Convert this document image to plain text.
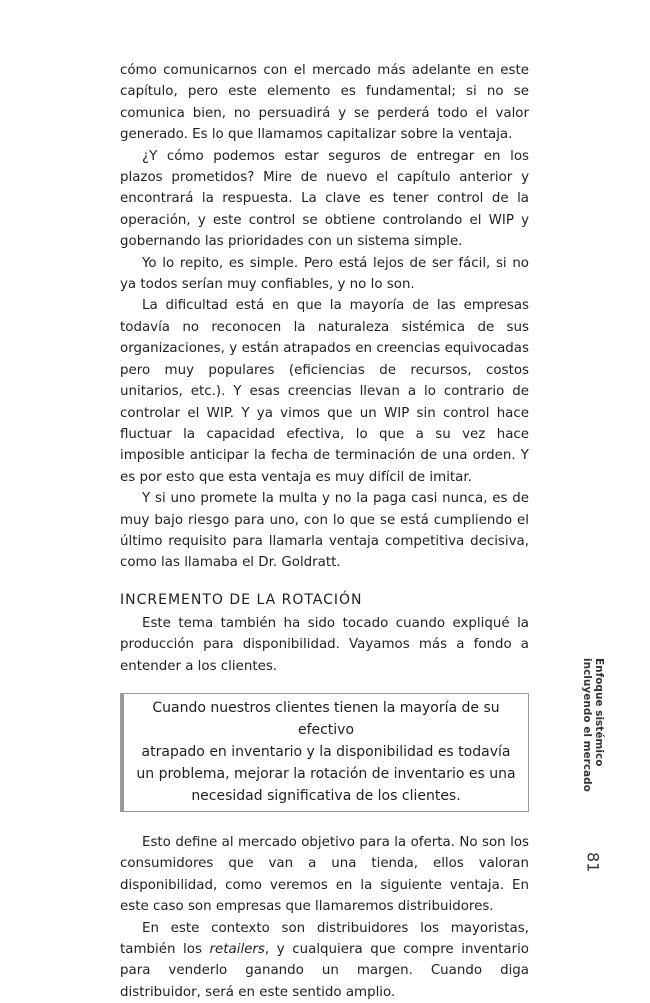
cómo comunicarnos con el mercado más adelante en este capítulo, pero este elemento es fundamental; si no se comunica bien, no persuadirá y se perderá todo el valor generado. Es lo que llamamos capitalizar sobre la ventaja.

¿Y cómo podemos estar seguros de entregar en los plazos prometidos? Mire de nuevo el capítulo anterior y encontrará la respuesta. La clave es tener control de la operación, y este control se obtiene controlando el WIP y gobernando las prioridades con un sistema simple.

Yo lo repito, es simple. Pero está lejos de ser fácil, si no ya todos serían muy confiables, y no lo son.

La dificultad está en que la mayoría de las empresas todavía no reconocen la naturaleza sistémica de sus organizaciones, y están atrapados en creencias equivocadas pero muy populares (eficiencias de recursos, costos unitarios, etc.). Y esas creencias llevan a lo contrario de controlar el WIP. Y ya vimos que un WIP sin control hace fluctuar la capacidad efectiva, lo que a su vez hace imposible anticipar la fecha de terminación de una orden. Y es por esto que esta ventaja es muy difícil de imitar.

Y si uno promete la multa y no la paga casi nunca, es de muy bajo riesgo para uno, con lo que se está cumpliendo el último requisito para llamarla ventaja competitiva decisiva, como las llamaba el Dr. Goldratt.

INCREMENTO DE LA ROTACIÓN

Este tema también ha sido tocado cuando expliqué la producción para disponibilidad. Vayamos más a fondo a entender a los clientes.

Cuando nuestros clientes tienen la mayoría de su efectivo
atrapado en inventario y la disponibilidad es todavía
un problema, mejorar la rotación de inventario es una
necesidad significativa de los clientes.

Esto define al mercado objetivo para la oferta. No son los consumidores que van a una tienda, ellos valoran disponibilidad, como veremos en la siguiente ventaja. En este caso son empresas que llamaremos distribuidores.

En este contexto son distribuidores los mayoristas, también los retailers, y cualquiera que compre inventario para venderlo ganando un margen. Cuando diga distribuidor, será en este sentido amplio.

Enfoque sistémico incluyendo el mercado
81
